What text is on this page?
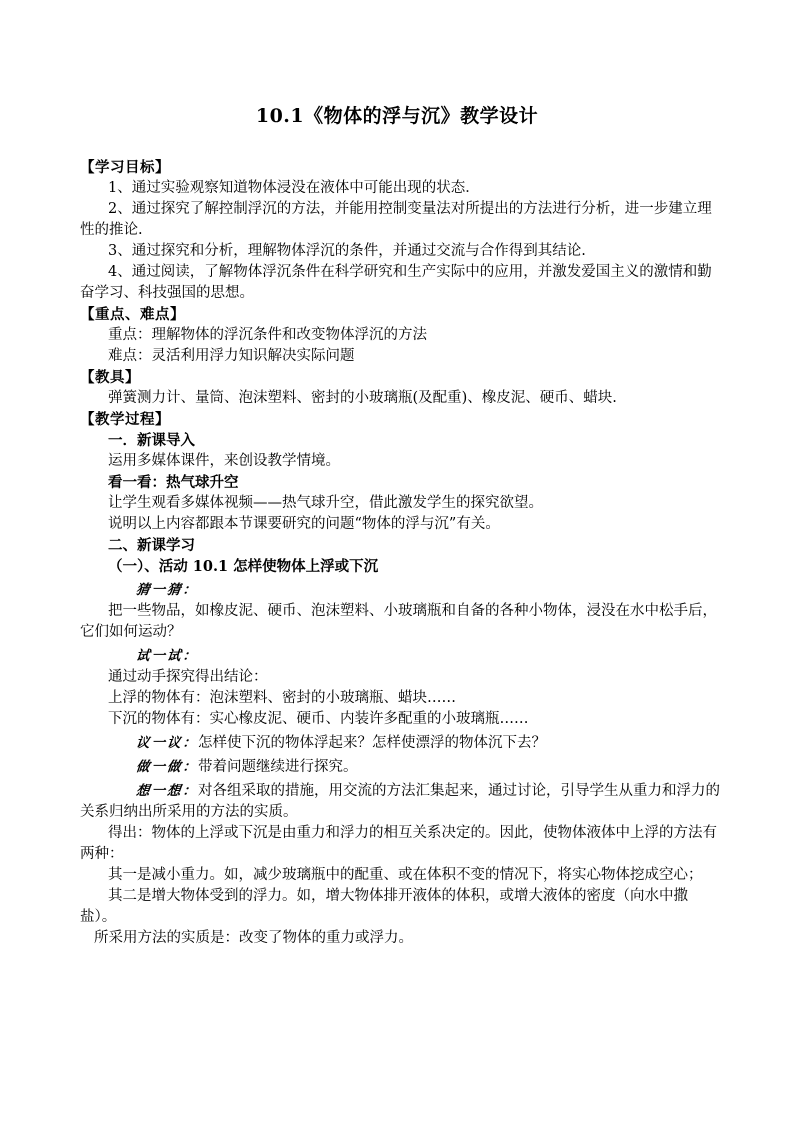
10.1《物体的浮与沉》教学设计

【学习目标】

1、通过实验观察知道物体浸没在液体中可能出现的状态．

2、通过探究了解控制浮沉的方法，并能用控制变量法对所提出的方法进行分析，进一步建立理性的推论.

3、通过探究和分析，理解物体浮沉的条件，并通过交流与合作得到其结论.

4、通过阅读，了解物体浮沉条件在科学研究和生产实际中的应用，并激发爱国主义的激情和勤奋学习、科技强国的思想。

【重点、难点】

重点：理解物体的浮沉条件和改变物体浮沉的方法

难点：灵活利用浮力知识解决实际问题

【教具】

弹簧测力计、量筒、泡沫塑料、密封的小玻璃瓶(及配重)、橡皮泥、硬币、蜡块.

【教学过程】

一．新课导入

运用多媒体课件，来创设教学情境。

看一看：热气球升空

让学生观看多媒体视频——热气球升空，借此激发学生的探究欲望。

说明以上内容都跟本节课要研究的问题“物体的浮与沉”有关。

二、新课学习

（一）、活动 10.1 怎样使物体上浮或下沉

猜一猜：

把一些物品，如橡皮泥、硬币、泡沫塑料、小玻璃瓶和自备的各种小物体，浸没在水中松手后，它们如何运动？

试一试：

通过动手探究得出结论：

上浮的物体有：泡沫塑料、密封的小玻璃瓶、蜡块……

下沉的物体有：实心橡皮泥、硬币、内装许多配重的小玻璃瓶……

议一议：怎样使下沉的物体浮起来？怎样使漂浮的物体沉下去？

做一做：带着问题继续进行探究。

想一想：对各组采取的措施，用交流的方法汇集起来，通过讨论，引导学生从重力和浮力的关系归纳出所采用的方法的实质。

得出：物体的上浮或下沉是由重力和浮力的相互关系决定的。因此，使物体液体中上浮的方法有两种：

其一是减小重力。如，减少玻璃瓶中的配重、或在体积不变的情况下，将实心物体挖成空心；

其二是增大物体受到的浮力。如，增大物体排开液体的体积，或增大液体的密度（向水中撒盐）。

所采用方法的实质是：改变了物体的重力或浮力。
